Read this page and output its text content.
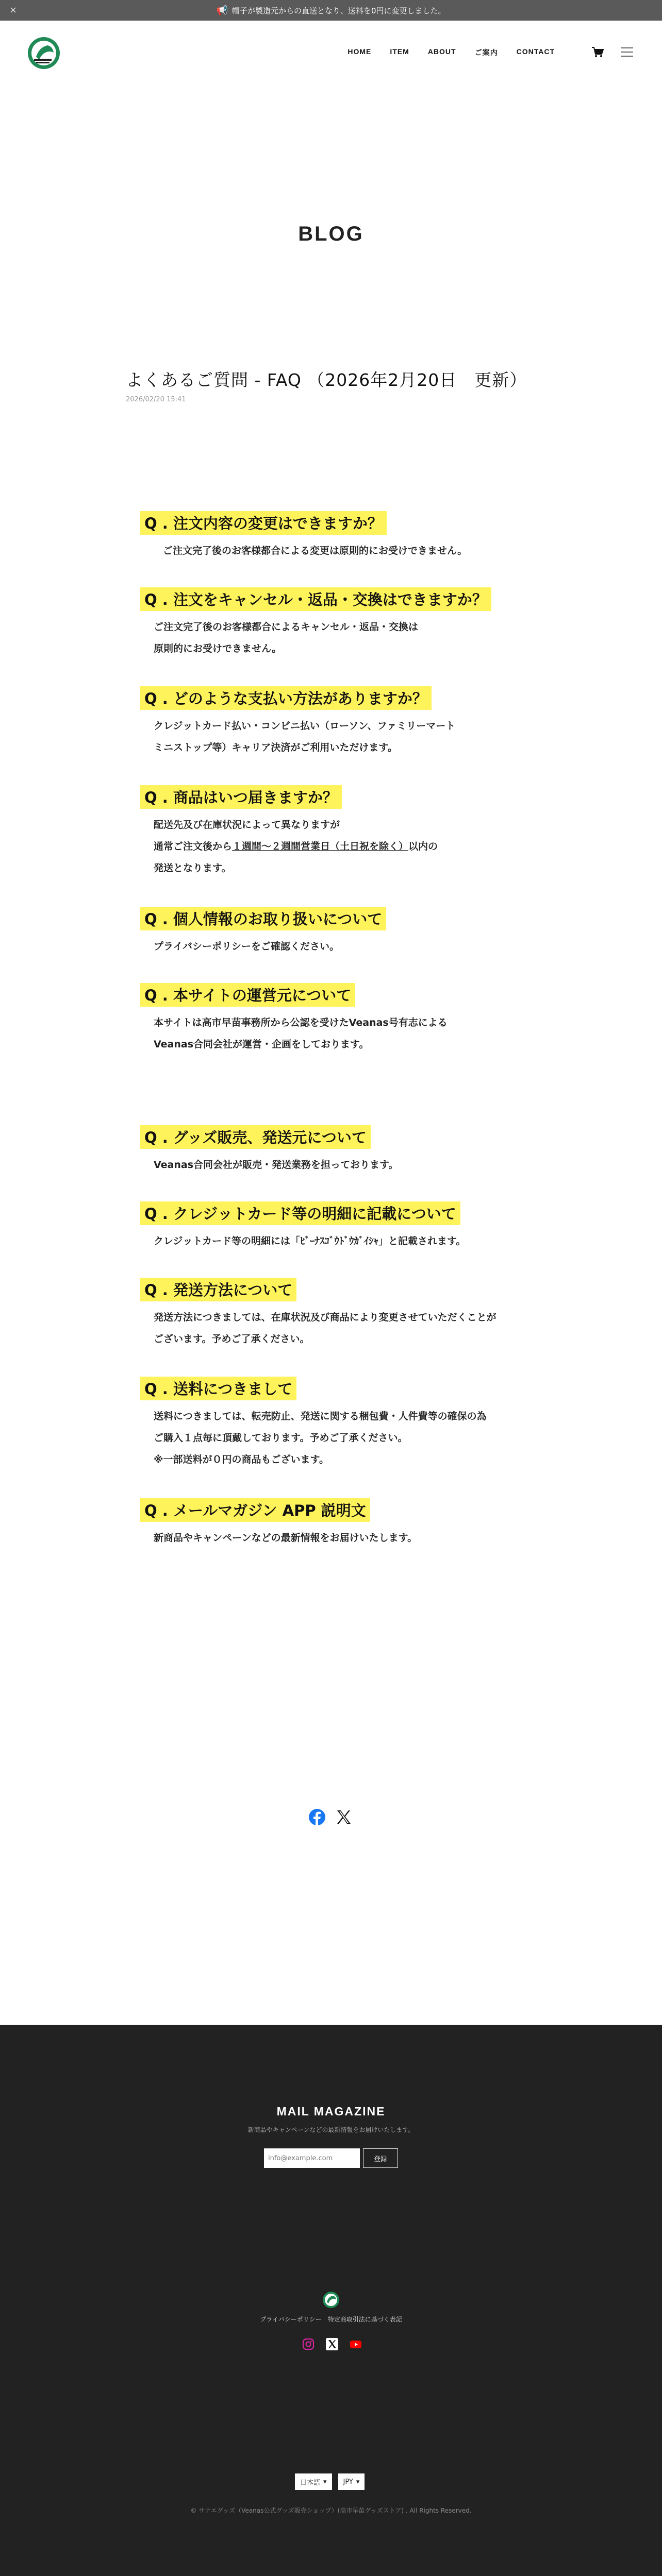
×	📢 帽子が製造元からの直送となり、送料を0円に変更しました。
HOME	ITEM	ABOUT	ご案内	CONTACT
BLOG
よくあるご質問 - FAQ （2026年2月20日　更新）
2026/02/20 15:41
Q . 注文内容の変更はできますか？

ご注文完了後のお客様都合による変更は原則的にお受けできません。

Q . 注文をキャンセル・返品・交換はできますか？

ご注文完了後のお客様都合によるキャンセル・返品・交換は

原則的にお受けできません。

Q . どのような支払い方法がありますか？

クレジットカード払い・コンビニ払い（ローソン、ファミリーマート

ミニストップ等）キャリア決済がご利用いただけます。

Q . 商品はいつ届きますか？

配送先及び在庫状況によって異なりますが

通常ご注文後から１週間〜２週間営業日（土日祝を除く）以内の

発送となります。

Q . 個人情報のお取り扱いについて

プライバシーポリシーをご確認ください。

Q . 本サイトの運営元について

本サイトは高市早苗事務所から公認を受けたVeanas号有志による

Veanas合同会社が運営・企画をしております。

Q . グッズ販売、発送元について

Veanas合同会社が販売・発送業務を担っております。

Q . クレジットカード等の明細に記載について

クレジットカード等の明細には「ﾋﾞｰﾅｽｺﾞｳﾄﾞｳｶﾞｲｼｬ」と記載されます。

Q . 発送方法について

発送方法につきましては、在庫状況及び商品により変更させていただくことが

ございます。予めご了承ください。

Q . 送料につきまして

送料につきましては、転売防止、発送に関する梱包費・人件費等の確保の為

ご購入１点毎に頂戴しております。予めご了承ください。

※一部送料が０円の商品もございます。

Q . メールマガジン APP 説明文

新商品やキャンペーンなどの最新情報をお届けいたします。

MAIL MAGAZINE
新商品やキャンペーンなどの最新情報をお届けいたします。
info@example.com
登録
プライバシーポリシー　特定商取引法に基づく表記
日本語 ▾ JPY ▾
© サナエグッズ（Veanas公式グッズ販売ショップ）(高市早苗グッズストア) . All Rights Reserved.
